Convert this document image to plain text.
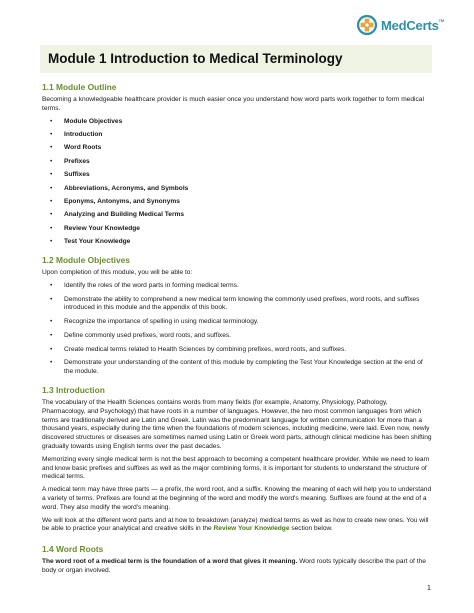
MedCerts™
Module 1 Introduction to Medical Terminology
1.1 Module Outline

Becoming a knowledgeable healthcare provider is much easier once you understand how word parts work together to form medical terms.

• Module Objectives
• Introduction
• Word Roots
• Prefixes
• Suffixes
• Abbreviations, Acronyms, and Symbols
• Eponyms, Antonyms, and Synonyms
• Analyzing and Building Medical Terms
• Review Your Knowledge
• Test Your Knowledge
1.2 Module Objectives

Upon completion of this module, you will be able to:

• Identify the roles of the word parts in forming medical terms.
• Demonstrate the ability to comprehend a new medical term knowing the commonly used prefixes, word roots, and suffixes introduced in this module and the appendix of this book.
• Recognize the importance of spelling in using medical terminology.
• Define commonly used prefixes, word roots, and suffixes.
• Create medical terms related to Health Sciences by combining prefixes, word roots, and suffixes.
• Demonstrate your understanding of the content of this module by completing the Test Your Knowledge section at the end of the module.
1.3 Introduction

The vocabulary of the Health Sciences contains words from many fields (for example, Anatomy, Physiology, Pathology, Pharmacology, and Psychology) that have roots in a number of languages. However, the two most common languages from which terms are traditionally derived are Latin and Greek. Latin was the predominant language for written communication for more than a thousand years, especially during the time when the foundations of modern sciences, including medicine, were laid. Even now, newly discovered structures or diseases are sometimes named using Latin or Greek word parts, although clinical medicine has been shifting gradually towards using English terms over the past decades.

Memorizing every single medical term is not the best approach to becoming a competent healthcare provider. While we need to learn and know basic prefixes and suffixes as well as the major combining forms, it is important for students to understand the structure of medical terms.

A medical term may have three parts — a prefix, the word root, and a suffix. Knowing the meaning of each will help you to understand a variety of terms. Prefixes are found at the beginning of the word and modify the word's meaning. Suffixes are found at the end of a word. They also modify the word's meaning.

We will look at the different word parts and at how to breakdown (analyze) medical terms as well as how to create new ones. You will be able to practice your analytical and creative skills in the Review Your Knowledge section below.

1.4 Word Roots

The word root of a medical term is the foundation of a word that gives it meaning. Word roots typically describe the part of the body or organ involved.

1
